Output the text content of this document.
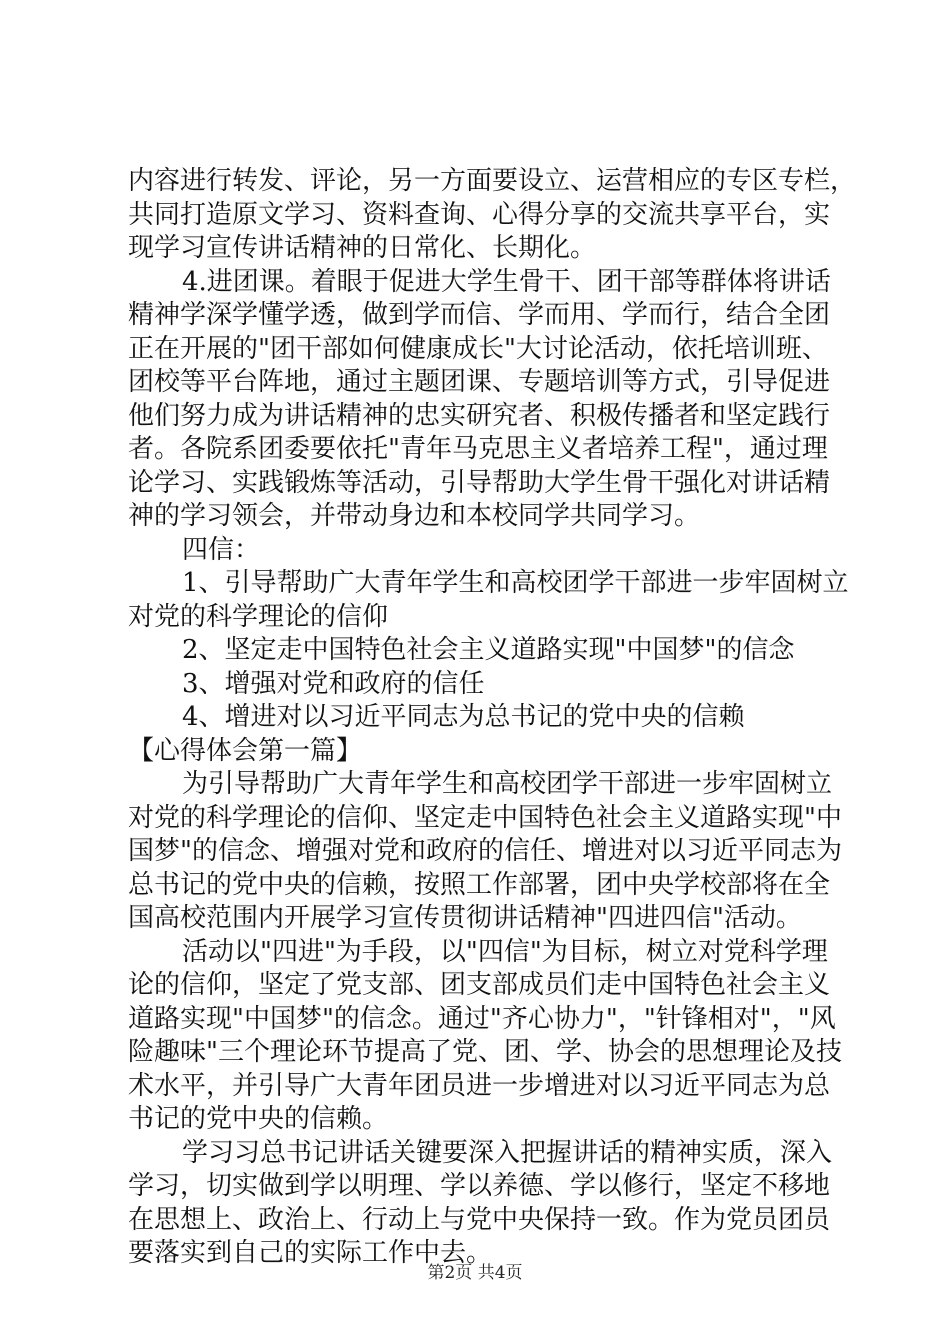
内容进行转发、评论，另一方面要设立、运营相应的专区专栏，
共同打造原文学习、资料查询、心得分享的交流共享平台，实
现学习宣传讲话精神的日常化、长期化。
4.进团课。着眼于促进大学生骨干、团干部等群体将讲话
精神学深学懂学透，做到学而信、学而用、学而行，结合全团
正在开展的"团干部如何健康成长"大讨论活动，依托培训班、
团校等平台阵地，通过主题团课、专题培训等方式，引导促进
他们努力成为讲话精神的忠实研究者、积极传播者和坚定践行
者。各院系团委要依托"青年马克思主义者培养工程"，通过理
论学习、实践锻炼等活动，引导帮助大学生骨干强化对讲话精
神的学习领会，并带动身边和本校同学共同学习。
四信：
1、引导帮助广大青年学生和高校团学干部进一步牢固树立
对党的科学理论的信仰
2、坚定走中国特色社会主义道路实现"中国梦"的信念
3、增强对党和政府的信任
4、增进对以习近平同志为总书记的党中央的信赖
【心得体会第一篇】
为引导帮助广大青年学生和高校团学干部进一步牢固树立
对党的科学理论的信仰、坚定走中国特色社会主义道路实现"中
国梦"的信念、增强对党和政府的信任、增进对以习近平同志为
总书记的党中央的信赖，按照工作部署，团中央学校部将在全
国高校范围内开展学习宣传贯彻讲话精神"四进四信"活动。
活动以"四进"为手段，以"四信"为目标，树立对党科学理
论的信仰，坚定了党支部、团支部成员们走中国特色社会主义
道路实现"中国梦"的信念。通过"齐心协力"，"针锋相对"，"风
险趣味"三个理论环节提高了党、团、学、协会的思想理论及技
术水平，并引导广大青年团员进一步增进对以习近平同志为总
书记的党中央的信赖。
学习习总书记讲话关键要深入把握讲话的精神实质，深入
学习，切实做到学以明理、学以养德、学以修行，坚定不移地
在思想上、政治上、行动上与党中央保持一致。作为党员团员
要落实到自己的实际工作中去。
第2页 共4页
